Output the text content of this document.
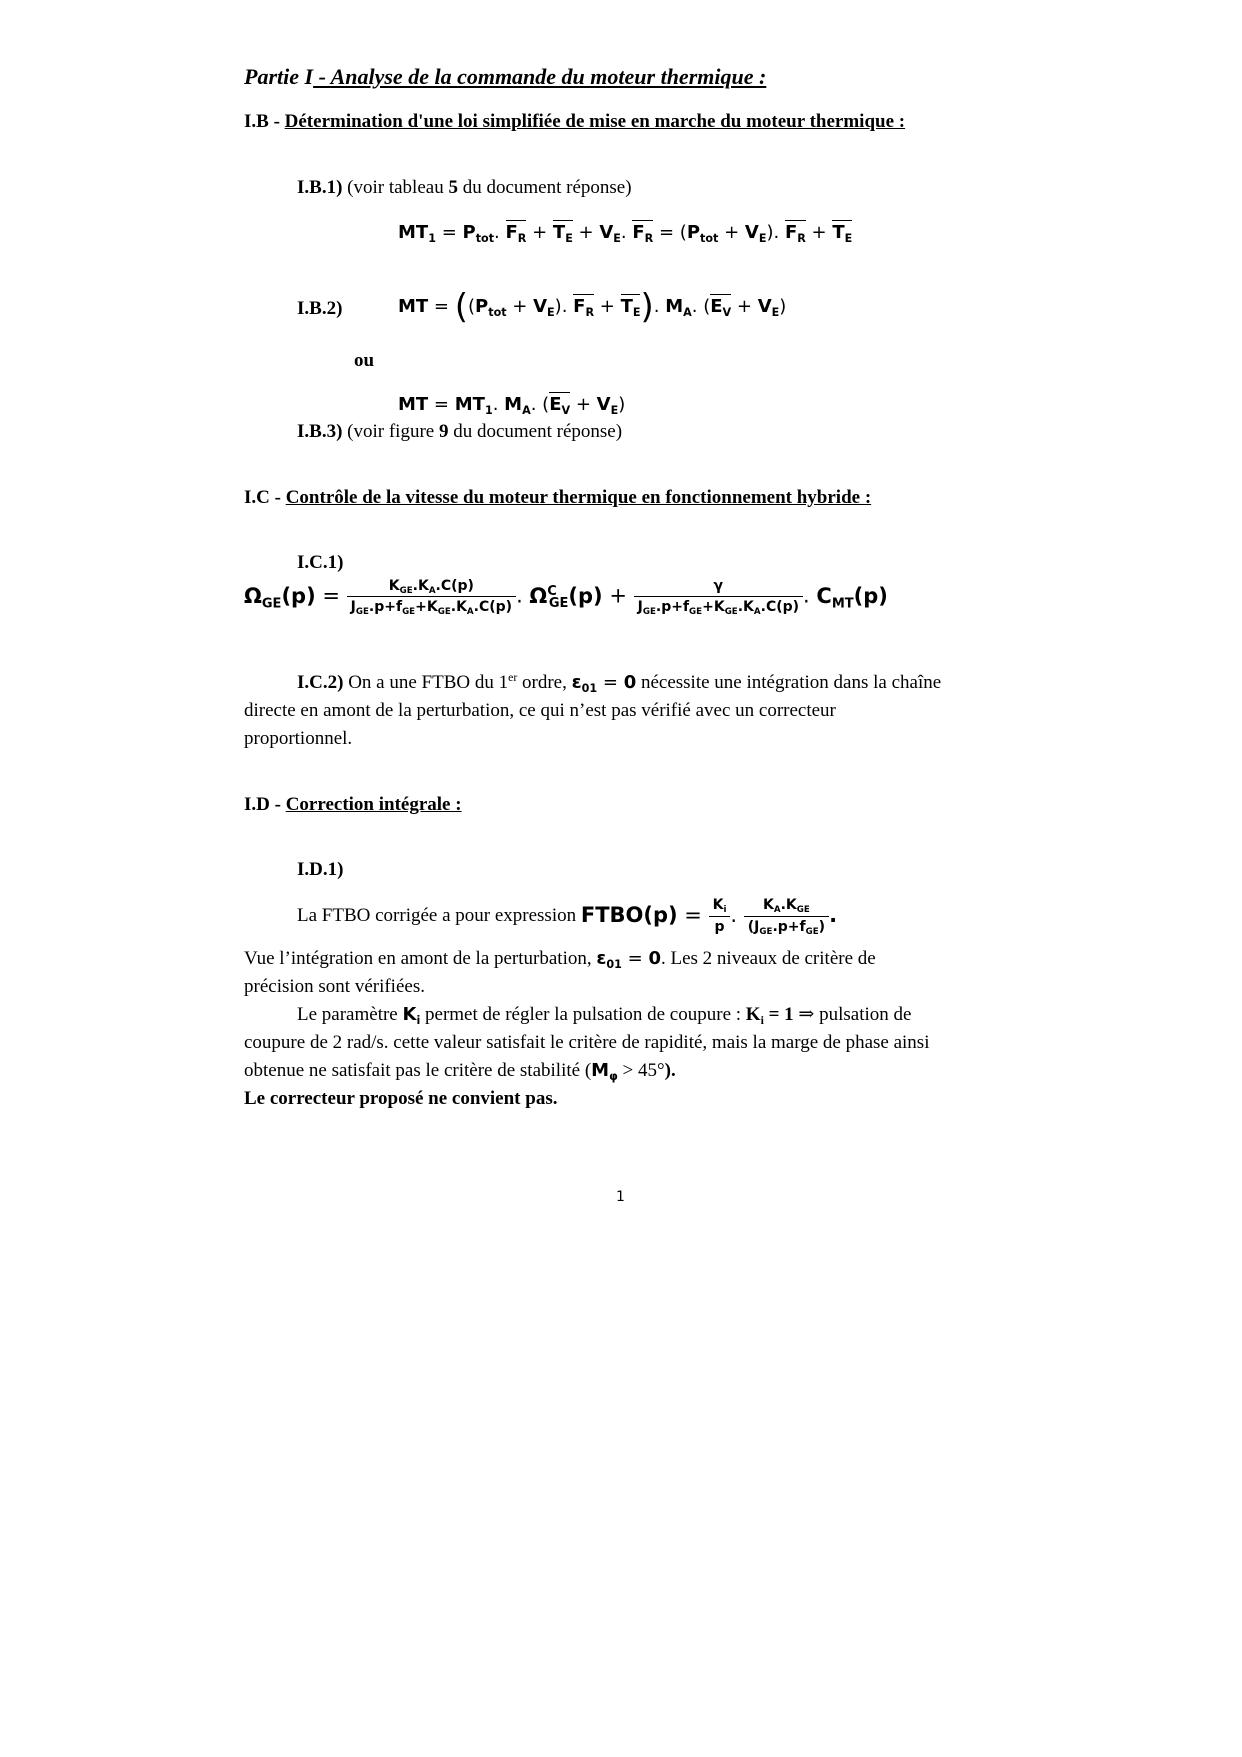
Partie I - Analyse de la commande du moteur thermique :
I.B - Détermination d'une loi simplifiée de mise en marche du moteur thermique :
I.B.1) (voir tableau 5 du document réponse)
$MT_1 = P_{tot}$. $F_R + T_E + V_E$. $F_R = (P_{tot} + V_E)$. $F_R + T_E$
I.B.2)	MT = ($(P_{tot} + V_E)$. $F_R + T_E$). $M_A$. $(E_V + V_E)$
ou
MT = $MT_1$. $M_A$. $(E_V + V_E)$
I.B.3) (voir figure 9 du document réponse)
I.C - Contrôle de la vitesse du moteur thermique en fonctionnement hybride :
I.C.1)
$\Omega_{GE}(p) = \frac{K_{GE}.K_A.C(p)}{J_{GE}.p+f_{GE}+K_{GE}.K_A.C(p)}$ . $\Omega^C_{GE}(p) + \frac{\gamma}{J_{GE}.p+f_{GE}+K_{GE}.K_A.C(p)}$ . $C_{MT}(p)$
I.C.2) On a une FTBO du 1er ordre, $\varepsilon_{01} = 0$ nécessite une intégration dans la chaîne
directe en amont de la perturbation, ce qui n’est pas vérifié avec un correcteur
proportionnel.
I.D - Correction intégrale :
I.D.1)
La FTBO corrigée a pour expression FTBO(p) = $\frac{K_i}{p}$ . $\frac{K_A.K_{GE}}{(J_{GE}.p+f_{GE})}$ .
Vue l’intégration en amont de la perturbation, $\varepsilon_{01} = 0$. Les 2 niveaux de critère de
précision sont vérifiées.
Le paramètre $K_i$ permet de régler la pulsation de coupure : $K_i = 1$ ⇒ pulsation de
coupure de 2 rad/s. cette valeur satisfait le critère de rapidité, mais la marge de phase ainsi
obtenue ne satisfait pas le critère de stabilité $(M_\varphi > 45^\circ)$.
Le correcteur proposé ne convient pas.
1
